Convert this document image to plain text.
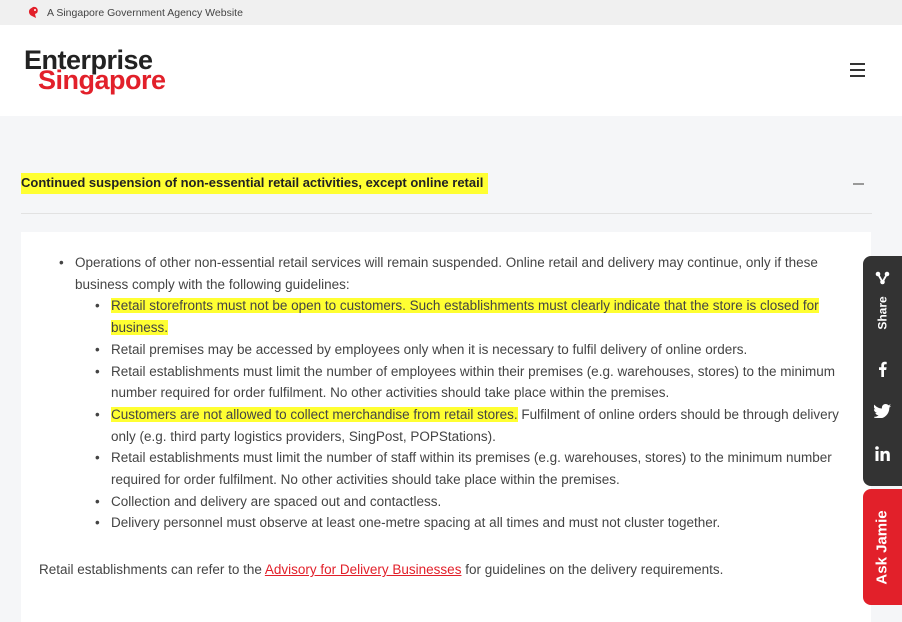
A Singapore Government Agency Website
Enterprise
Singapore
Continued suspension of non-essential retail activities, except online retail
• Operations of other non-essential retail services will remain suspended. Online retail and delivery may continue, only if these business comply with the following guidelines:
• Retail storefronts must not be open to customers. Such establishments must clearly indicate that the store is closed for business.
• Retail premises may be accessed by employees only when it is necessary to fulfil delivery of online orders.
• Retail establishments must limit the number of employees within their premises (e.g. warehouses, stores) to the minimum number required for order fulfilment. No other activities should take place within the premises.
• Customers are not allowed to collect merchandise from retail stores. Fulfilment of online orders should be through delivery only (e.g. third party logistics providers, SingPost, POPStations).
• Retail establishments must limit the number of staff within its premises (e.g. warehouses, stores) to the minimum number required for order fulfilment. No other activities should take place within the premises.
• Collection and delivery are spaced out and contactless.
• Delivery personnel must observe at least one-metre spacing at all times and must not cluster together.
Retail establishments can refer to the Advisory for Delivery Businesses for guidelines on the delivery requirements.
Share
Ask Jamie
